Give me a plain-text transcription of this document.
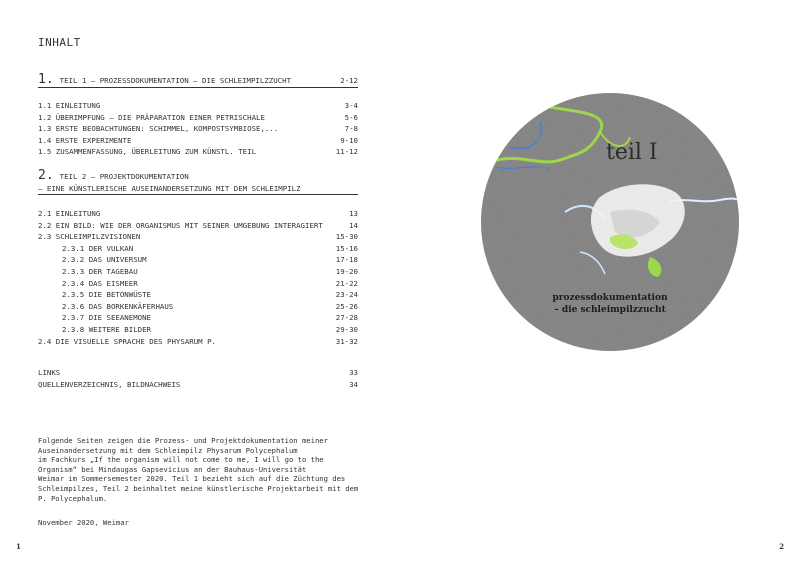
INHALT
1. TEIL 1 – PROZESSDOKUMENTATION – DIE SCHLEIMPILZZUCHT	2-12
1.1 EINLEITUNG	3-4
1.2 ÜBERIMPFUNG – DIE PRÄPARATION EINER PETRISCHALE	5-6
1.3 ERSTE BEOBACHTUNGEN: SCHIMMEL, KOMPOSTSYMBIOSE,...	7-8
1.4 ERSTE EXPERIMENTE	9-10
1.5 ZUSAMMENFASSUNG, ÜBERLEITUNG ZUM KÜNSTL. TEIL	11-12
2. TEIL 2 – PROJEKTDOKUMENTATION
– EINE KÜNSTLERISCHE AUSEINANDERSETZUNG MIT DEM SCHLEIMPILZ
2.1 EINLEITUNG	13
2.2 EIN BILD: WIE DER ORGANISMUS MIT SEINER UMGEBUNG INTERAGIERT	14
2.3 SCHLEIMPILZVISIONEN	15-30
2.3.1 DER VULKAN	15-16
2.3.2 DAS UNIVERSUM	17-18
2.3.3 DER TAGEBAU	19-20
2.3.4 DAS EISMEER	21-22
2.3.5 DIE BETONWÜSTE	23-24
2.3.6 DAS BORKENKÄFERHAUS	25-26
2.3.7 DIE SEEANEMONE	27-28
2.3.8 WEITERE BILDER	29-30
2.4 DIE VISUELLE SPRACHE DES PHYSARUM P.	31-32
LINKS	33
QUELLENVERZEICHNIS, BILDNACHWEIS	34
Folgende Seiten zeigen die Prozess- und Projektdokumentation meiner Auseinandersetzung mit dem Schleimpilz Physarum Polycephalum
im Fachkurs „If the organism will not come to me, I will go to the
Organism“ bei Mindaugas Gapsevicius an der Bauhaus-Universität
Weimar im Sommersemester 2020. Teil 1 bezieht sich auf die Züchtung des Schleimpilzes, Teil 2 beinhaltet meine künstlerische Projektarbeit mit dem P. Polycephalum.
November 2020, Weimar
1
teil I
prozessdokumentation
– die schleimpilzzucht
2
